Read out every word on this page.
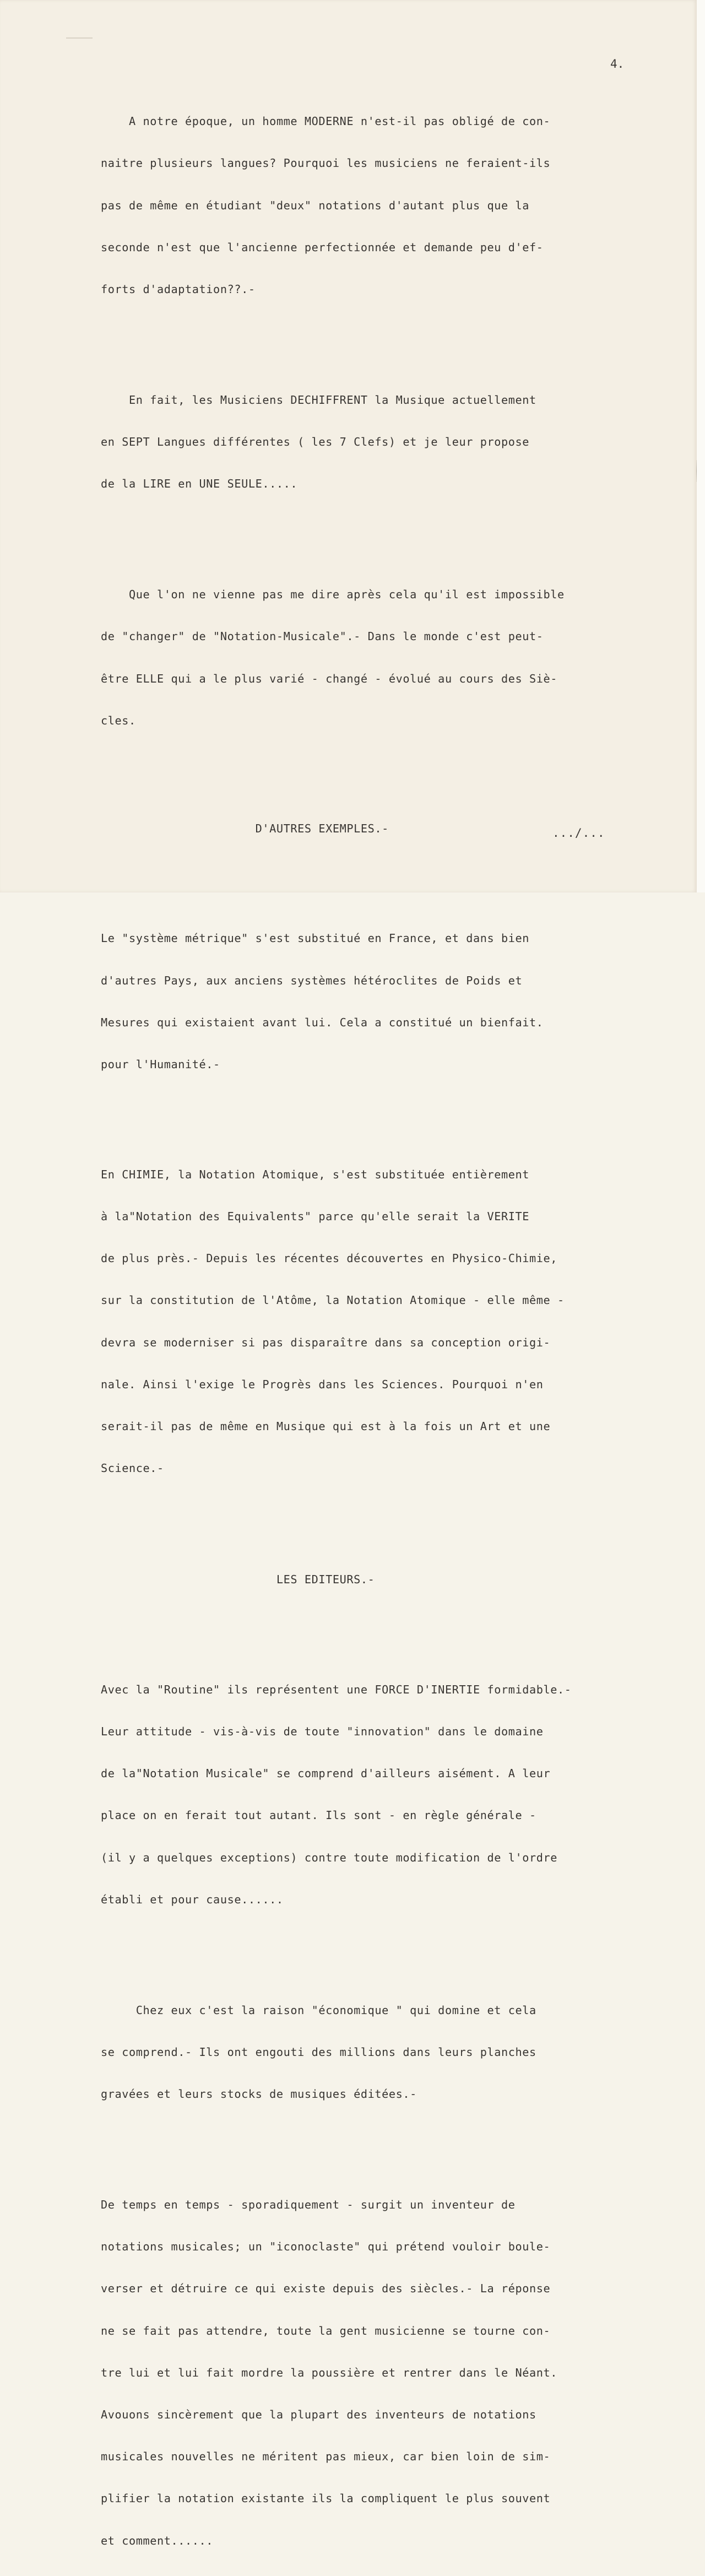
4.

A notre époque, un homme MODERNE n'est-il pas obligé de con-

naitre plusieurs langues? Pourquoi les musiciens ne feraient-ils

pas de même en étudiant "deux" notations d'autant plus que la

seconde n'est que l'ancienne perfectionnée et demande peu d'ef-

forts d'adaptation??.-

En fait, les Musiciens DECHIFFRENT la Musique actuellement

en SEPT Langues différentes ( les 7 Clefs) et je leur propose

de la LIRE en UNE SEULE.....

Que l'on ne vienne pas me dire après cela qu'il est impossible

de "changer" de "Notation-Musicale".- Dans le monde c'est peut-

être ELLE qui a le plus varié - changé - évolué au cours des Siè-

cles.

D'AUTRES EXEMPLES.-

Le "système métrique" s'est substitué en France, et dans bien

d'autres Pays, aux anciens systèmes hétéroclites de Poids et

Mesures qui existaient avant lui. Cela a constitué un bienfait.

pour l'Humanité.-

En CHIMIE, la Notation Atomique, s'est substituée entièrement

à la"Notation des Equivalents" parce qu'elle serait la VERITE

de plus près.- Depuis les récentes découvertes en Physico-Chimie,

sur la constitution de l'Atôme, la Notation Atomique - elle même -

devra se moderniser si pas disparaître dans sa conception origi-

nale. Ainsi l'exige le Progrès dans les Sciences. Pourquoi n'en

serait-il pas de même en Musique qui est à la fois un Art et une

Science.-

LES EDITEURS.-

Avec la "Routine" ils représentent une FORCE D'INERTIE formidable.-

Leur attitude - vis-à-vis de toute "innovation" dans le domaine

de la"Notation Musicale" se comprend d'ailleurs aisément. A leur

place on en ferait tout autant. Ils sont - en règle générale -

(il y a quelques exceptions) contre toute modification de l'ordre

établi et pour cause......

Chez eux c'est la raison "économique " qui domine et cela

se comprend.- Ils ont engouti des millions dans leurs planches

gravées et leurs stocks de musiques éditées.-

De temps en temps - sporadiquement - surgit un inventeur de

notations musicales; un "iconoclaste" qui prétend vouloir boule-

verser et détruire ce qui existe depuis des siècles.- La réponse

ne se fait pas attendre, toute la gent musicienne se tourne con-

tre lui et lui fait mordre la poussière et rentrer dans le Néant.

Avouons sincèrement que la plupart des inventeurs de notations

musicales nouvelles ne méritent pas mieux, car bien loin de sim-

plifier la notation existante ils la compliquent le plus souvent

et comment......

.../...
